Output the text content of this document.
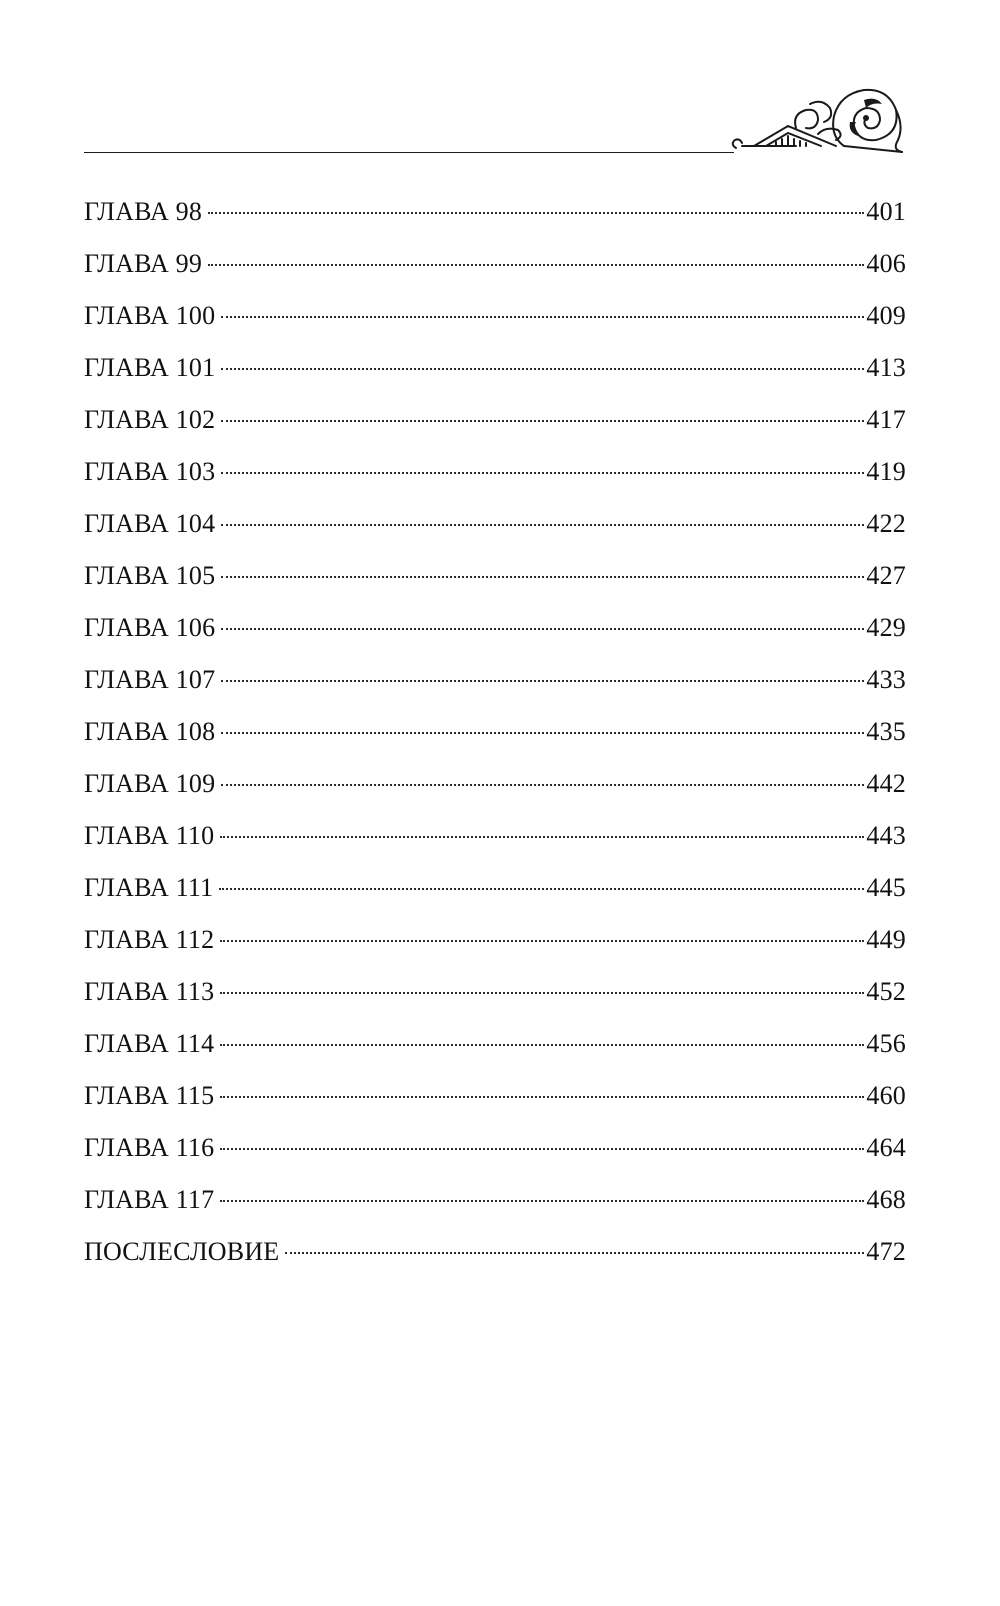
ГЛАВА 98	401
ГЛАВА 99	406
ГЛАВА 100	409
ГЛАВА 101	413
ГЛАВА 102	417
ГЛАВА 103	419
ГЛАВА 104	422
ГЛАВА 105	427
ГЛАВА 106	429
ГЛАВА 107	433
ГЛАВА 108	435
ГЛАВА 109	442
ГЛАВА 110	443
ГЛАВА 111	445
ГЛАВА 112	449
ГЛАВА 113	452
ГЛАВА 114	456
ГЛАВА 115	460
ГЛАВА 116	464
ГЛАВА 117	468
ПОСЛЕСЛОВИЕ	472
